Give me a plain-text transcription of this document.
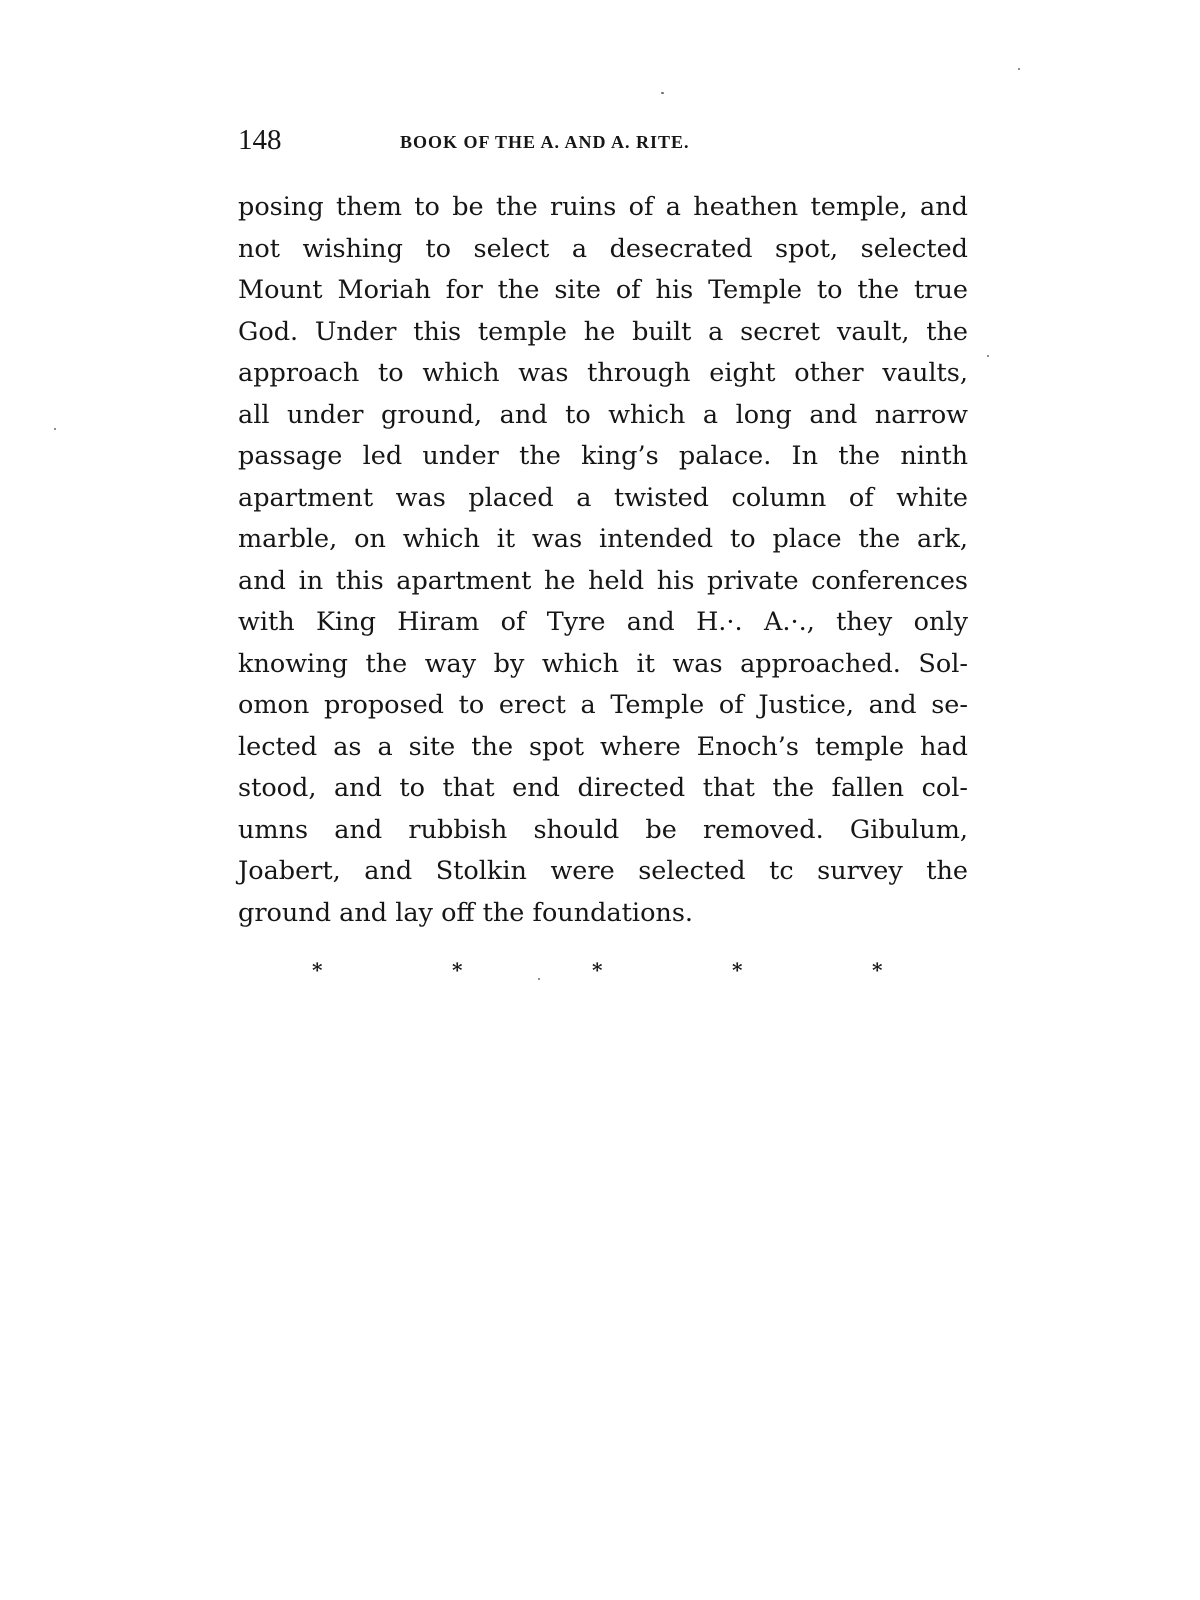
148	BOOK OF THE A. AND A. RITE.
posing them to be the ruins of a heathen temple, and
not wishing to select a desecrated spot, selected
Mount Moriah for the site of his Temple to the true
God. Under this temple he built a secret vault, the
approach to which was through eight other vaults,
all under ground, and to which a long and narrow
passage led under the king’s palace. In the ninth
apartment was placed a twisted column of white
marble, on which it was intended to place the ark,
and in this apartment he held his private conferences
with King Hiram of Tyre and H.·. A.·., they only
knowing the way by which it was approached. Sol-
omon proposed to erect a Temple of Justice, and se-
lected as a site the spot where Enoch’s temple had
stood, and to that end directed that the fallen col-
umns and rubbish should be removed. Gibulum,
Joabert, and Stolkin were selected tc survey the
ground and lay off the foundations.
*	*	*	*	*
